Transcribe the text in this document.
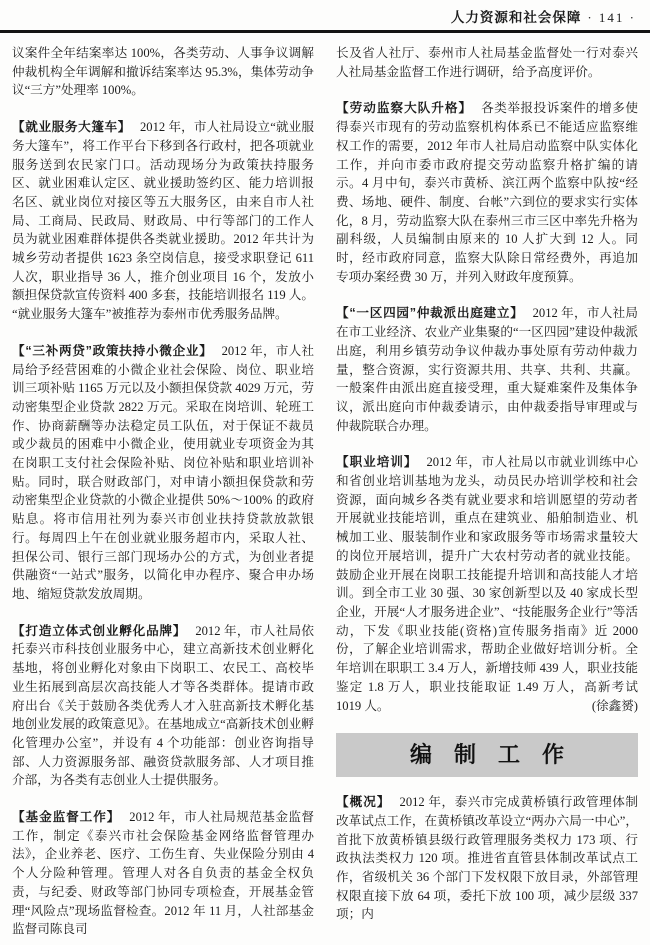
人力资源和社会保障 · 141 ·

议案件全年结案率达 100%，各类劳动、人事争议调解仲裁机构全年调解和撤诉结案率达 95.3%，集体劳动争议“三方”处理率 100%。

【就业服务大篷车】 2012 年，市人社局设立“就业服务大篷车”，将工作平台下移到各行政村，把各项就业服务送到农民家门口。活动现场分为政策扶持服务区、就业困难认定区、就业援助签约区、能力培训报名区、就业岗位对接区等五大服务区，由来自市人社局、工商局、民政局、财政局、中行等部门的工作人员为就业困难群体提供各类就业援助。2012 年共计为城乡劳动者提供 1623 条空岗信息，接受求职登记 611 人次，职业指导 36 人，推介创业项目 16 个，发放小额担保贷款宣传资料 400 多套，技能培训报名 119 人。“就业服务大篷车”被推荐为泰州市优秀服务品牌。

【“三补两贷”政策扶持小微企业】 2012 年，市人社局给予经营困难的小微企业社会保险、岗位、职业培训三项补贴 1165 万元以及小额担保贷款 4029 万元，劳动密集型企业贷款 2822 万元。采取在岗培训、轮班工作、协商薪酬等办法稳定员工队伍，对于保证不裁员或少裁员的困难中小微企业，使用就业专项资金为其在岗职工支付社会保险补贴、岗位补贴和职业培训补贴。同时，联合财政部门，对申请小额担保贷款和劳动密集型企业贷款的小微企业提供 50%～100% 的政府贴息。将市信用社列为泰兴市创业扶持贷款放款银行。每周四上午在创业就业服务超市内，采取人社、担保公司、银行三部门现场办公的方式，为创业者提供融资“一站式”服务，以简化申办程序、聚合申办场地、缩短贷款发放周期。

【打造立体式创业孵化品牌】 2012 年，市人社局依托泰兴市科技创业服务中心，建立高新技术创业孵化基地，将创业孵化对象由下岗职工、农民工、高校毕业生拓展到高层次高技能人才等各类群体。提请市政府出台《关于鼓励各类优秀人才入驻高新技术孵化基地创业发展的政策意见》。在基地成立“高新技术创业孵化管理办公室”，并设有 4 个功能部：创业咨询指导部、人力资源服务部、融资贷款服务部、人才项目推介部，为各类有志创业人士提供服务。

【基金监督工作】 2012 年，市人社局规范基金监督工作，制定《泰兴市社会保险基金网络监督管理办法》，企业养老、医疗、工伤生育、失业保险分别由 4 个人分险种管理。管理人对各自负责的基金全权负责，与纪委、财政等部门协同专项检查，开展基金管理“风险点”现场监督检查。2012 年 11 月，人社部基金监督司陈良司

长及省人社厅、泰州市人社局基金监督处一行对泰兴人社局基金监督工作进行调研，给予高度评价。

【劳动监察大队升格】 各类举报投诉案件的增多使得泰兴市现有的劳动监察机构体系已不能适应监察维权工作的需要，2012 年市人社局启动监察中队实体化工作，并向市委市政府提交劳动监察升格扩编的请示。4 月中旬，泰兴市黄桥、滨江两个监察中队按“经费、场地、硬件、制度、台帐”六到位的要求实行实体化，8 月，劳动监察大队在泰州三市三区中率先升格为副科级，人员编制由原来的 10 人扩大到 12 人。同时，经市政府同意，监察大队除日常经费外，再追加专项办案经费 30 万，并列入财政年度预算。

【“一区四园”仲裁派出庭建立】 2012 年，市人社局在市工业经济、农业产业集聚的“一区四园”建设仲裁派出庭，利用乡镇劳动争议仲裁办事处原有劳动仲裁力量，整合资源，实行资源共用、共享、共利、共赢。一般案件由派出庭直接受理，重大疑难案件及集体争议，派出庭向市仲裁委请示，由仲裁委指导审理或与仲裁院联合办理。

【职业培训】 2012 年，市人社局以市就业训练中心和省创业培训基地为龙头，动员民办培训学校和社会资源，面向城乡各类有就业要求和培训愿望的劳动者开展就业技能培训，重点在建筑业、船舶制造业、机械加工业、服装制作业和家政服务等市场需求量较大的岗位开展培训，提升广大农村劳动者的就业技能。鼓励企业开展在岗职工技能提升培训和高技能人才培训。到全市工业 30 强、30 家创新型以及 40 家成长型企业，开展“人才服务进企业”、“技能服务企业行”等活动，下发《职业技能(资格)宣传服务指南》近 2000 份，了解企业培训需求，帮助企业做好培训分析。全年培训在职职工 3.4 万人，新增技师 439 人，职业技能鉴定 1.8 万人，职业技能取证 1.49 万人，高新考试 1019 人。	(徐鑫赟)

编　制　工　作

【概况】 2012 年，泰兴市完成黄桥镇行政管理体制改革试点工作，在黄桥镇改革设立“两办六局一中心”，首批下放黄桥镇县级行政管理服务类权力 173 项、行政执法类权力 120 项。推进省直管县体制改革试点工作，省级机关 36 个部门下发权限下放目录，外部管理权限直接下放 64 项，委托下放 100 项，减少层级 337 项；内
